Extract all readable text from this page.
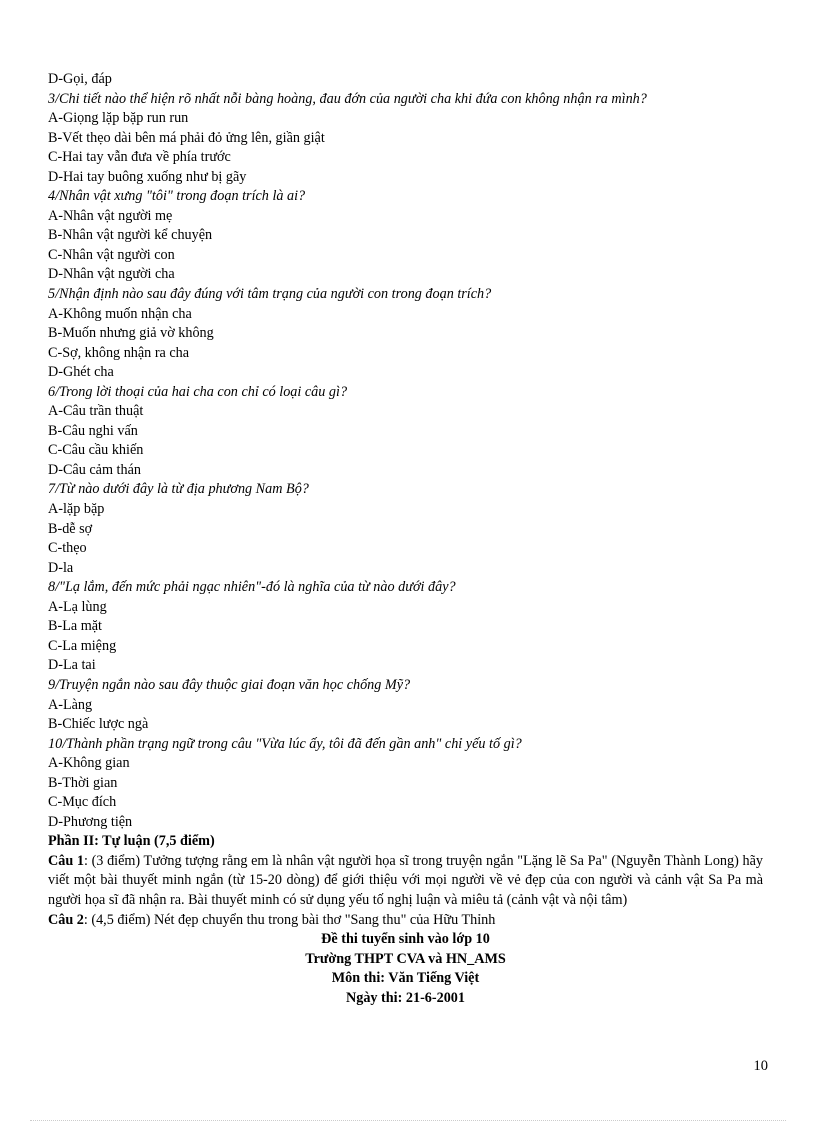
D-Gọi, đáp
3/Chi tiết nào thể hiện rõ nhất nỗi bàng hoàng, đau đớn của người cha khi đứa con không nhận ra mình?
A-Giọng lặp bặp run run
B-Vết thẹo dài bên má phải đỏ ửng lên, giần giật
C-Hai tay vẫn đưa về phía trước
D-Hai tay buông xuống như bị gãy
4/Nhân vật xưng "tôi" trong đoạn trích là ai?
A-Nhân vật người mẹ
B-Nhân vật người kể chuyện
C-Nhân vật người con
D-Nhân vật người cha
5/Nhận định nào sau đây đúng với tâm trạng của người con trong đoạn trích?
A-Không muốn nhận cha
B-Muốn nhưng giả vờ không
C-Sợ, không nhận ra cha
D-Ghét cha
6/Trong lời thoại của hai cha con chỉ có loại câu gì?
A-Câu trần thuật
B-Câu nghi vấn
C-Câu cầu khiến
D-Câu cảm thán
7/Từ nào dưới đây là từ địa phương Nam Bộ?
A-lặp bặp
B-dễ sợ
C-thẹo
D-la
8/"Lạ lắm, đến mức phải ngạc nhiên"-đó là nghĩa của từ nào dưới đây?
A-Lạ lùng
B-La mặt
C-La miệng
D-La tai
9/Truyện ngắn nào sau đây thuộc giai đoạn văn học chống Mỹ?
A-Làng
B-Chiếc lược ngà
10/Thành phần trạng ngữ trong câu "Vừa lúc ấy, tôi đã đến gần anh" chỉ yếu tố gì?
A-Không gian
B-Thời gian
C-Mục đích
D-Phương tiện
Phần II: Tự luận (7,5 điểm)
Câu 1: (3 điểm) Tưởng tượng rằng em là nhân vật người họa sĩ trong truyện ngắn "Lặng lẽ Sa Pa" (Nguyễn Thành Long) hãy viết một bài thuyết minh ngắn (từ 15-20 dòng) để giới thiệu với mọi người về vẻ đẹp của con người và cảnh vật Sa Pa mà người họa sĩ đã nhận ra. Bài thuyết minh có sử dụng yếu tố nghị luận và miêu tả (cảnh vật và nội tâm)
Câu 2: (4,5 điểm) Nét đẹp chuyển thu trong bài thơ "Sang thu" của Hữu Thỉnh
Đề thi tuyển sinh vào lớp 10
Trường THPT CVA và HN_AMS
Môn thi: Văn Tiếng Việt
Ngày thi: 21-6-2001
10
